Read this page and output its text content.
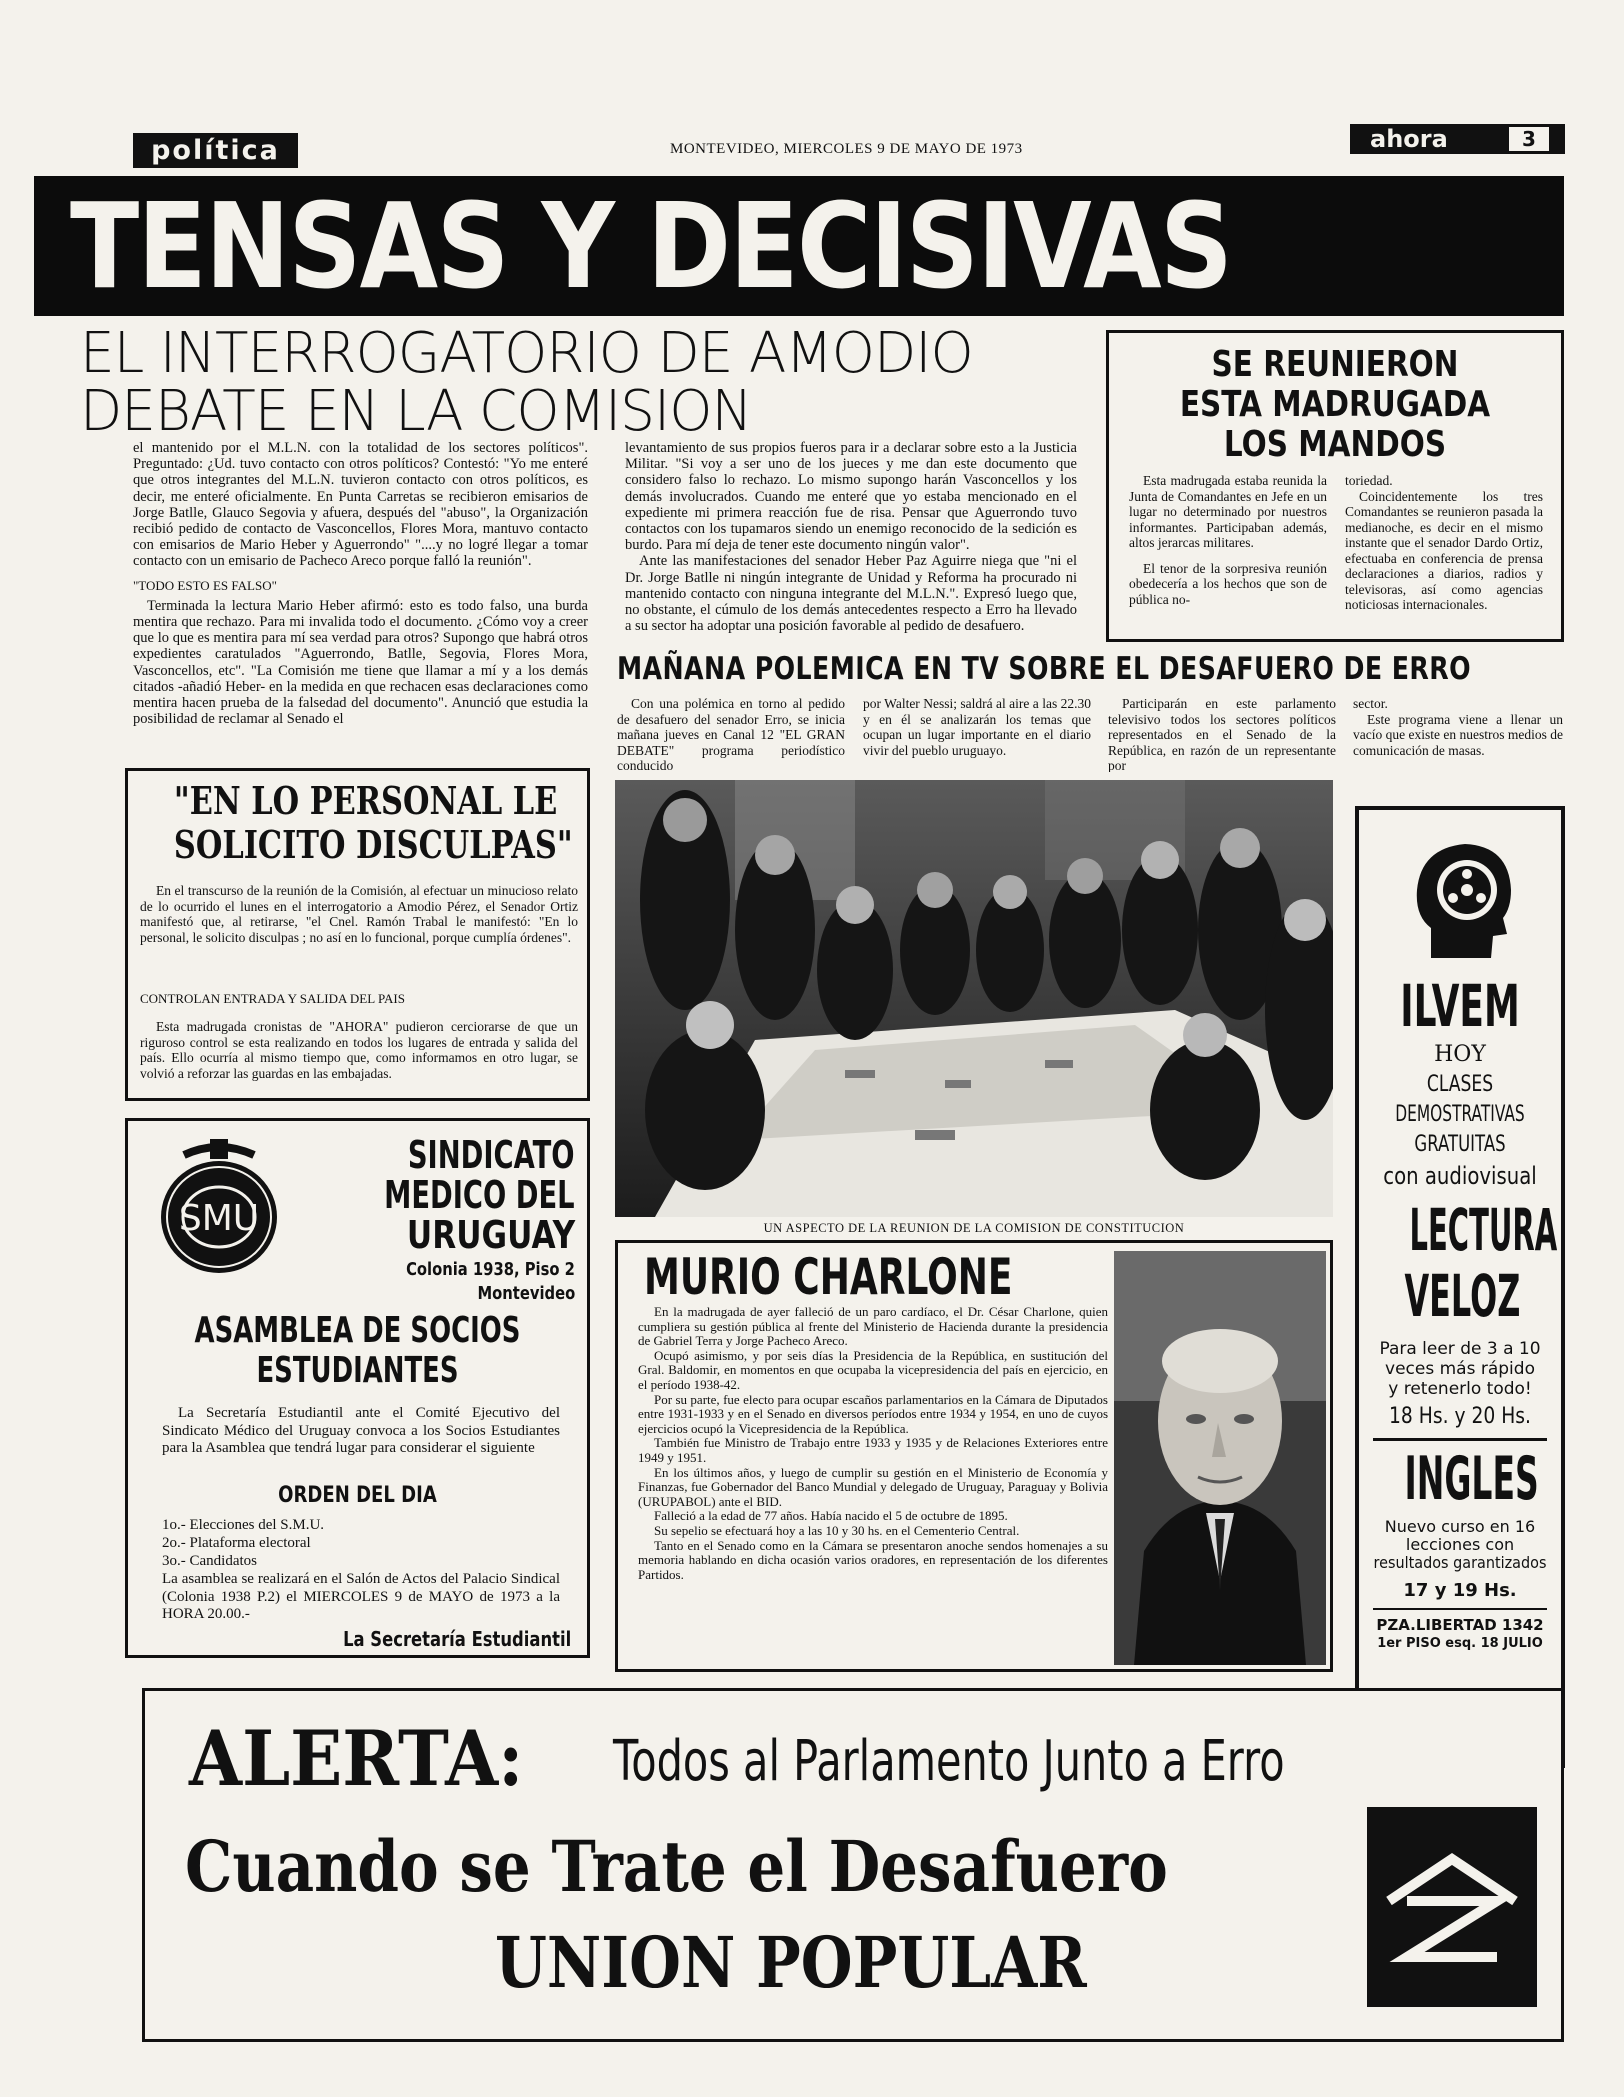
política	MONTEVIDEO, MIERCOLES 9 DE MAYO DE 1973	ahora	3
TENSAS Y DECISIVAS
EL INTERROGATORIO DE AMODIO
DEBATE EN LA COMISION
el mantenido por el M.L.N. con la totalidad de los sectores políticos". Preguntado: ¿Ud. tuvo contacto con otros políticos? Contestó: "Yo me enteré que otros integrantes del M.L.N. tuvieron contacto con otros políticos, es decir, me enteré oficialmente. En Punta Carretas se recibieron emisarios de Jorge Batlle, Glauco Segovia y afuera, después del "abuso", la Organización recibió pedido de contacto de Vasconcellos, Flores Mora, mantuvo contacto con emisarios de Mario Heber y Aguerrondo" "....y no logré llegar a tomar contacto con un emisario de Pacheco Areco porque falló la reunión".
"TODO ESTO ES FALSO"
Terminada la lectura Mario Heber afirmó: esto es todo falso, una burda mentira que rechazo. Para mi invalida todo el documento. ¿Cómo voy a creer que lo que es mentira para mí sea verdad para otros? Supongo que habrá otros expedientes caratulados "Aguerrondo, Batlle, Segovia, Flores Mora, Vasconcellos, etc". "La Comisión me tiene que llamar a mí y a los demás citados -añadió Heber- en la medida en que rechacen esas declaraciones como mentira hacen prueba de la falsedad del documento". Anunció que estudia la posibilidad de reclamar al Senado el
levantamiento de sus propios fueros para ir a declarar sobre esto a la Justicia Militar. "Si voy a ser uno de los jueces y me dan este documento que considero falso lo rechazo. Lo mismo supongo harán Vasconcellos y los demás involucrados. Cuando me enteré que yo estaba mencionado en el expediente mi primera reacción fue de risa. Pensar que Aguerrondo tuvo contactos con los tupamaros siendo un enemigo reconocido de la sedición es burdo. Para mí deja de tener este documento ningún valor".
Ante las manifestaciones del senador Heber Paz Aguirre niega que "ni el Dr. Jorge Batlle ni ningún integrante de Unidad y Reforma ha procurado ni mantenido contacto con ninguna integrante del M.L.N.". Expresó luego que, no obstante, el cúmulo de los demás antecedentes respecto a Erro ha llevado a su sector ha adoptar una posición favorable al pedido de desafuero.
SE REUNIERON
ESTA MADRUGADA
LOS MANDOS
Esta madrugada estaba reunida la Junta de Comandantes en Jefe en un lugar no determinado por nuestros informantes. Participaban además, altos jerarcas militares.
El tenor de la sorpresiva reunión obedecería a los hechos que son de pública no-
toriedad.
Coincidentemente los tres Comandantes se reunieron pasada la medianoche, es decir en el mismo instante que el senador Dardo Ortiz, efectuaba en conferencia de prensa declaraciones a diarios, radios y televisoras, así como agencias noticiosas internacionales.
MAÑANA POLEMICA EN TV SOBRE EL DESAFUERO DE ERRO
Con una polémica en torno al pedido de desafuero del senador Erro, se inicia mañana jueves en Canal 12 "EL GRAN DEBATE" programa periodístico conducido
por Walter Nessi; saldrá al aire a las 22.30 y en él se analizarán los temas que ocupan un lugar importante en el diario vivir del pueblo uruguayo.
Participarán en este parlamento televisivo todos los sectores políticos representados en el Senado de la República, en razón de un representante por
sector.
Este programa viene a llenar un vacío que existe en nuestros medios de comunicación de masas.
"EN LO PERSONAL LE
SOLICITO DISCULPAS"
En el transcurso de la reunión de la Comisión, al efectuar un minucioso relato de lo ocurrido el lunes en el interrogatorio a Amodio Pérez, el Senador Ortiz manifestó que, al retirarse, "el Cnel. Ramón Trabal le manifestó: "En lo personal, le solicito disculpas ; no así en lo funcional, porque cumplía órdenes".
CONTROLAN ENTRADA Y SALIDA DEL PAIS
Esta madrugada cronistas de "AHORA" pudieron cerciorarse de que un riguroso control se esta realizando en todos los lugares de entrada y salida del país. Ello ocurría al mismo tiempo que, como informamos en otro lugar, se volvió a reforzar las guardas en las embajadas.
UN ASPECTO DE LA REUNION DE LA COMISION DE CONSTITUCION
ILVEM
HOY
CLASES
DEMOSTRATIVAS
GRATUITAS
con audiovisual
LECTURA
VELOZ
Para leer de 3 a 10
veces más rápido
y retenerlo todo!
18 Hs. y 20 Hs.
INGLES
Nuevo curso en 16
lecciones con
resultados garantizados
17 y 19 Hs.
PZA.LIBERTAD 1342
1er PISO esq. 18 JULIO
SMU
SINDICATO
MEDICO DEL
URUGUAY
Colonia 1938, Piso 2
Montevideo
ASAMBLEA DE SOCIOS
ESTUDIANTES
La Secretaría Estudiantil ante el Comité Ejecutivo del Sindicato Médico del Uruguay convoca a los Socios Estudiantes para la Asamblea que tendrá lugar para considerar el siguiente
ORDEN DEL DIA
1o.- Elecciones del S.M.U.
2o.- Plataforma electoral
3o.- Candidatos
La asamblea se realizará en el Salón de Actos del Palacio Sindical (Colonia 1938 P.2) el MIERCOLES 9 de MAYO de 1973 a la HORA 20.00.-
La Secretaría Estudiantil
MURIO CHARLONE
En la madrugada de ayer falleció de un paro cardíaco, el Dr. César Charlone, quien cumpliera su gestión pública al frente del Ministerio de Hacienda durante la presidencia de Gabriel Terra y Jorge Pacheco Areco.
Ocupó asimismo, y por seis días la Presidencia de la República, en sustitución del Gral. Baldomir, en momentos en que ocupaba la vicepresidencia del país en ejercicio, en el período 1938-42.
Por su parte, fue electo para ocupar escaños parlamentarios en la Cámara de Diputados entre 1931-1933 y en el Senado en diversos períodos entre 1934 y 1954, en uno de cuyos ejercicios ocupó la Vicepresidencia de la República.
También fue Ministro de Trabajo entre 1933 y 1935 y de Relaciones Exteriores entre 1949 y 1951.
En los últimos años, y luego de cumplir su gestión en el Ministerio de Economía y Finanzas, fue Gobernador del Banco Mundial y delegado de Uruguay, Paraguay y Bolivia (URUPABOL) ante el BID.
Falleció a la edad de 77 años. Había nacido el 5 de octubre de 1895.
Su sepelio se efectuará hoy a las 10 y 30 hs. en el Cementerio Central.
Tanto en el Senado como en la Cámara se presentaron anoche sendos homenajes a su memoria hablando en dicha ocasión varios oradores, en representación de los diferentes Partidos.
ALERTA: Todos al Parlamento Junto a Erro
Cuando se Trate el Desafuero
UNION POPULAR
